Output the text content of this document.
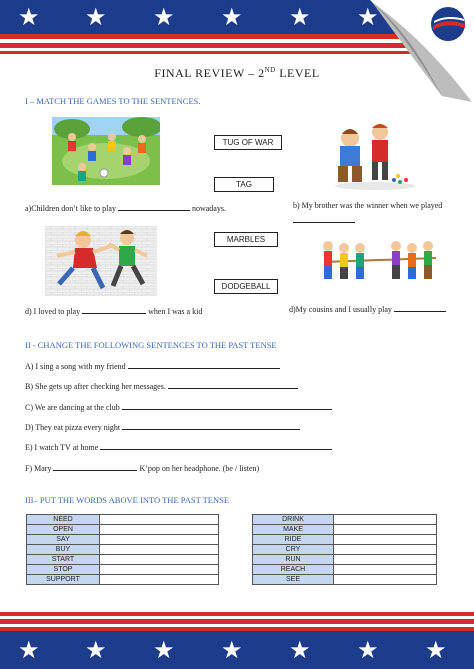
★ ★ ★ ★ ★ ★
FINAL REVIEW – 2ND LEVEL
I – MATCH THE GAMES TO THE SENTENCES.
TUG OF WAR
TAG
a)Children don’t like to play	nowadays.	b) My brother was the winner when we played
MARBLES
DODGEBALL
d) I loved to play	when I was a kid	d)My cousins and I usually play
II - CHANGE THE FOLLOWING SENTENCES TO THE PAST TENSE
A) I sing a song with my friend
B) She gets up after checking her messages.
C) We are dancing at the club
D) They eat pizza every night
E) I watch TV at home
F) Mary	K’pop on her headphone. (be / listen)
III– PUT THE WORDS ABOVE INTO THE PAST TENSE
NEED	
OPEN	
SAY	
BUY	
START	
STOP	
SUPPORT	
DRINK	
MAKE	
RIDE	
CRY	
RUN	
REACH	
SEE	
★ ★ ★ ★ ★ ★ ★
